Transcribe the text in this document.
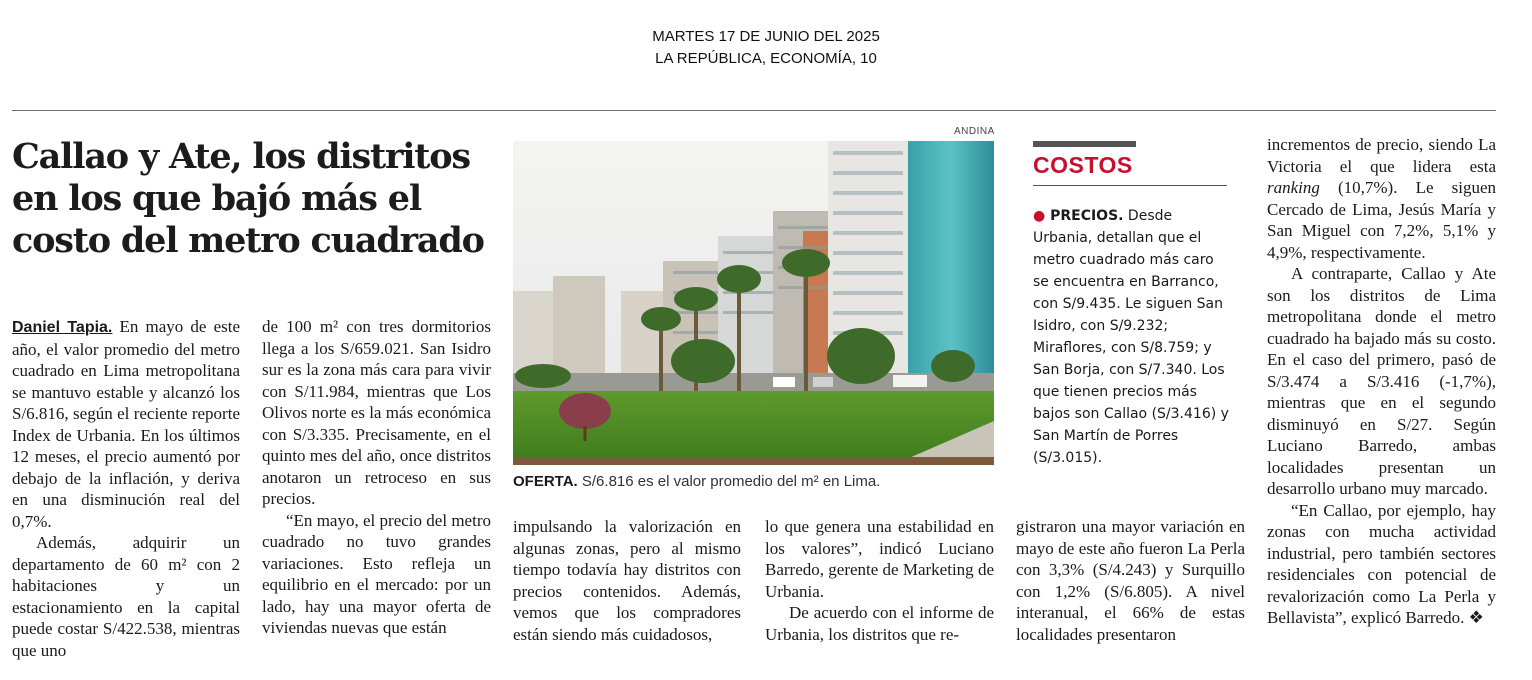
MARTES 17 DE JUNIO DEL 2025
LA REPÚBLICA, ECONOMÍA, 10
Callao y Ate, los distritos en los que bajó más el costo del metro cuadrado

Daniel Tapia. En mayo de este año, el valor promedio del metro cuadrado en Lima metropolitana se mantuvo estable y alcanzó los S/6.816, según el reciente reporte Index de Urbania. En los últimos 12 meses, el precio aumentó por debajo de la inflación, y deriva en una disminución real del 0,7%.

Además, adquirir un departamento de 60 m² con 2 habitaciones y un estacionamiento en la capital puede costar S/422.538, mientras que uno

de 100 m² con tres dormitorios llega a los S/659.021. San Isidro sur es la zona más cara para vivir con S/11.984, mientras que Los Olivos norte es la más económica con S/3.335. Precisamente, en el quinto mes del año, once distritos anotaron un retroceso en sus precios.

“En mayo, el precio del metro cuadrado no tuvo grandes variaciones. Esto refleja un equilibrio en el mercado: por un lado, hay una mayor oferta de viviendas nuevas que están

ANDINA
OFERTA. S/6.816 es el valor promedio del m² en Lima.

impulsando la valorización en algunas zonas, pero al mismo tiempo todavía hay distritos con precios contenidos. Además, vemos que los compradores están siendo más cuidadosos,

lo que genera una estabilidad en los valores”, indicó Luciano Barredo, gerente de Marketing de Urbania.

De acuerdo con el informe de Urbania, los distritos que re-

COSTOS
● PRECIOS. Desde Urbania, detallan que el metro cuadrado más caro se encuentra en Barranco, con S/9.435. Le siguen San Isidro, con S/9.232; Miraflores, con S/8.759; y San Borja, con S/7.340. Los que tienen precios más bajos son Callao (S/3.416) y San Martín de Porres (S/3.015).

gistraron una mayor variación en mayo de este año fueron La Perla con 3,3% (S/4.243) y Surquillo con 1,2% (S/6.805). A nivel interanual, el 66% de estas localidades presentaron

incrementos de precio, siendo La Victoria el que lidera esta ranking (10,7%). Le siguen Cercado de Lima, Jesús María y San Miguel con 7,2%, 5,1% y 4,9%, respectivamente.

A contraparte, Callao y Ate son los distritos de Lima metropolitana donde el metro cuadrado ha bajado más su costo. En el caso del primero, pasó de S/3.474 a S/3.416 (-1,7%), mientras que en el segundo disminuyó en S/27. Según Luciano Barredo, ambas localidades presentan un desarrollo urbano muy marcado.

“En Callao, por ejemplo, hay zonas con mucha actividad industrial, pero también sectores residenciales con potencial de revalorización como La Perla y Bellavista”, explicó Barredo. ❖
